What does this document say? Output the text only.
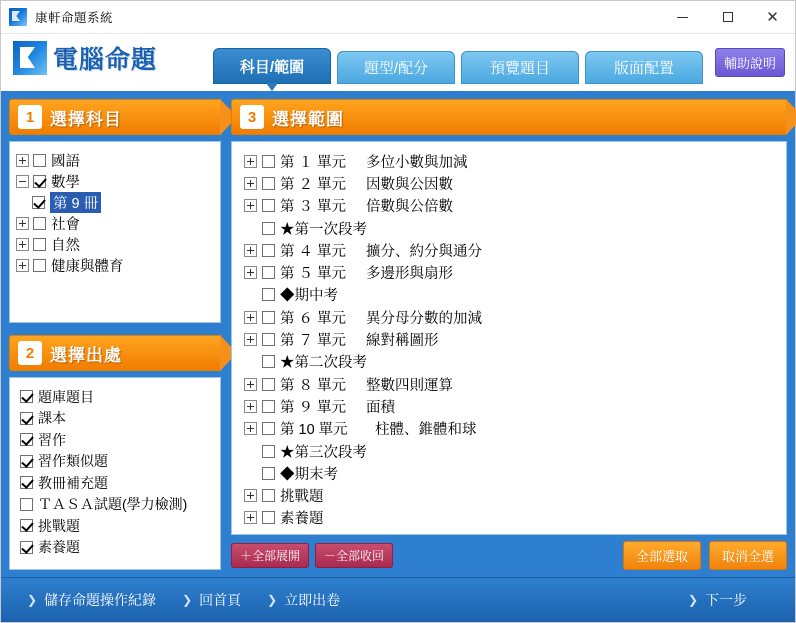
康軒命題系統	✕
電腦命題	科目/範圍	題型/配分	預覽題目	版面配置	輔助說明
1 選擇科目
國語
數學
第 9 冊
社會
自然
健康與體育
2 選擇出處
題庫題目
課本
習作
習作類似題
教冊補充題
ＴＡＳＡ試題(學力檢測)
挑戰題
素養題
3 選擇範圍
第 １ 單元	多位小數與加減
第 ２ 單元	因數與公因數
第 ３ 單元	倍數與公倍數
★第一次段考
第 ４ 單元	擴分、約分與通分
第 ５ 單元	多邊形與扇形
◆期中考
第 ６ 單元	異分母分數的加減
第 ７ 單元	線對稱圖形
★第二次段考
第 ８ 單元	整數四則運算
第 ９ 單元	面積
第 10 單元	柱體、錐體和球
★第三次段考
◆期末考
挑戰題
素養題
＋全部展開	－全部收回	全部選取	取消全選
❯ 儲存命題操作紀錄 ❯ 回首頁 ❯ 立即出卷	❯ 下一步
